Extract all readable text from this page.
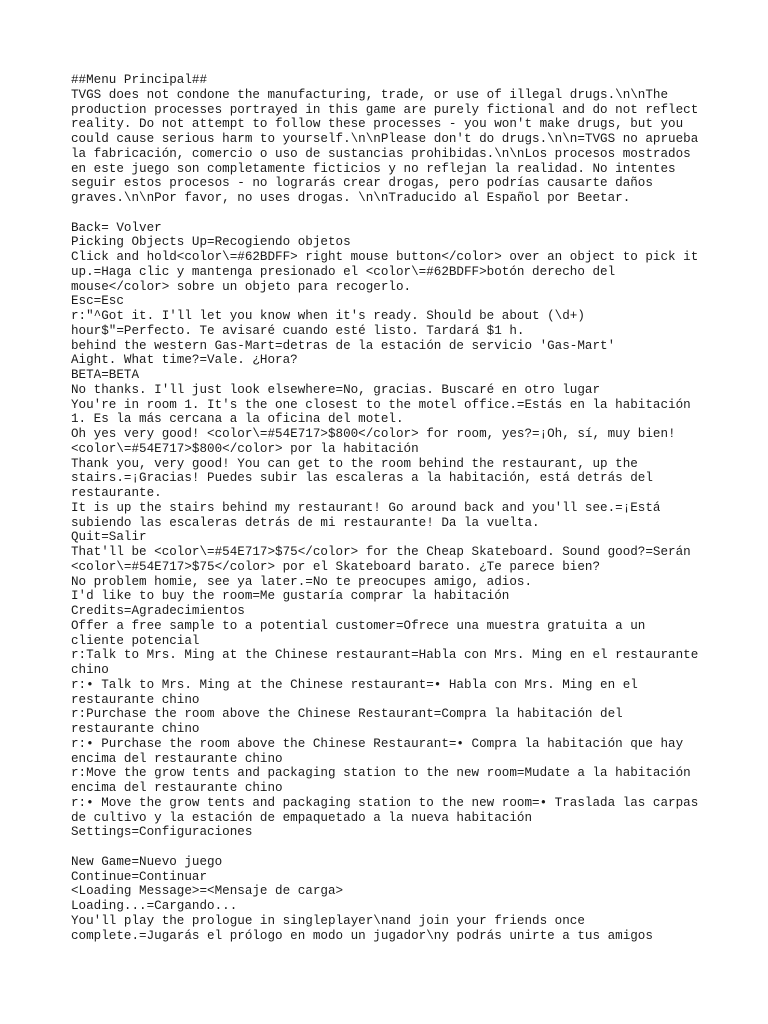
##Menu Principal##
TVGS does not condone the manufacturing, trade, or use of illegal drugs.\n\nThe
production processes portrayed in this game are purely fictional and do not reflect
reality. Do not attempt to follow these processes - you won't make drugs, but you
could cause serious harm to yourself.\n\nPlease don't do drugs.\n\n=TVGS no aprueba
la fabricación, comercio o uso de sustancias prohibidas.\n\nLos procesos mostrados
en este juego son completamente ficticios y no reflejan la realidad. No intentes
seguir estos procesos - no lograrás crear drogas, pero podrías causarte daños
graves.\n\nPor favor, no uses drogas. \n\nTraducido al Español por Beetar.
Back= Volver
Picking Objects Up=Recogiendo objetos
Click and hold<color\=#62BDFF> right mouse button</color> over an object to pick it
up.=Haga clic y mantenga presionado el <color\=#62BDFF>botón derecho del
mouse</color> sobre un objeto para recogerlo.
Esc=Esc
r:"^Got it. I'll let you know when it's ready. Should be about (\d+)
hour$"=Perfecto. Te avisaré cuando esté listo. Tardará $1 h.
behind the western Gas-Mart=detras de la estación de servicio 'Gas-Mart'
Aight. What time?=Vale. ¿Hora?
BETA=BETA
No thanks. I'll just look elsewhere=No, gracias. Buscaré en otro lugar
You're in room 1. It's the one closest to the motel office.=Estás en la habitación
1. Es la más cercana a la oficina del motel.
Oh yes very good! <color\=#54E717>$800</color> for room, yes?=¡Oh, sí, muy bien!
<color\=#54E717>$800</color> por la habitación
Thank you, very good! You can get to the room behind the restaurant, up the
stairs.=¡Gracias! Puedes subir las escaleras a la habitación, está detrás del
restaurante.
It is up the stairs behind my restaurant! Go around back and you'll see.=¡Está
subiendo las escaleras detrás de mi restaurante! Da la vuelta.
Quit=Salir
That'll be <color\=#54E717>$75</color> for the Cheap Skateboard. Sound good?=Serán
<color\=#54E717>$75</color> por el Skateboard barato. ¿Te parece bien?
No problem homie, see ya later.=No te preocupes amigo, adios.
I'd like to buy the room=Me gustaría comprar la habitación
Credits=Agradecimientos
Offer a free sample to a potential customer=Ofrece una muestra gratuita a un
cliente potencial
r:Talk to Mrs. Ming at the Chinese restaurant=Habla con Mrs. Ming en el restaurante
chino
r:• Talk to Mrs. Ming at the Chinese restaurant=• Habla con Mrs. Ming en el
restaurante chino
r:Purchase the room above the Chinese Restaurant=Compra la habitación del
restaurante chino
r:• Purchase the room above the Chinese Restaurant=• Compra la habitación que hay
encima del restaurante chino
r:Move the grow tents and packaging station to the new room=Mudate a la habitación
encima del restaurante chino
r:• Move the grow tents and packaging station to the new room=• Traslada las carpas
de cultivo y la estación de empaquetado a la nueva habitación
Settings=Configuraciones
New Game=Nuevo juego
Continue=Continuar
<Loading Message>=<Mensaje de carga>
Loading...=Cargando...
You'll play the prologue in singleplayer\nand join your friends once
complete.=Jugarás el prólogo en modo un jugador\ny podrás unirte a tus amigos
